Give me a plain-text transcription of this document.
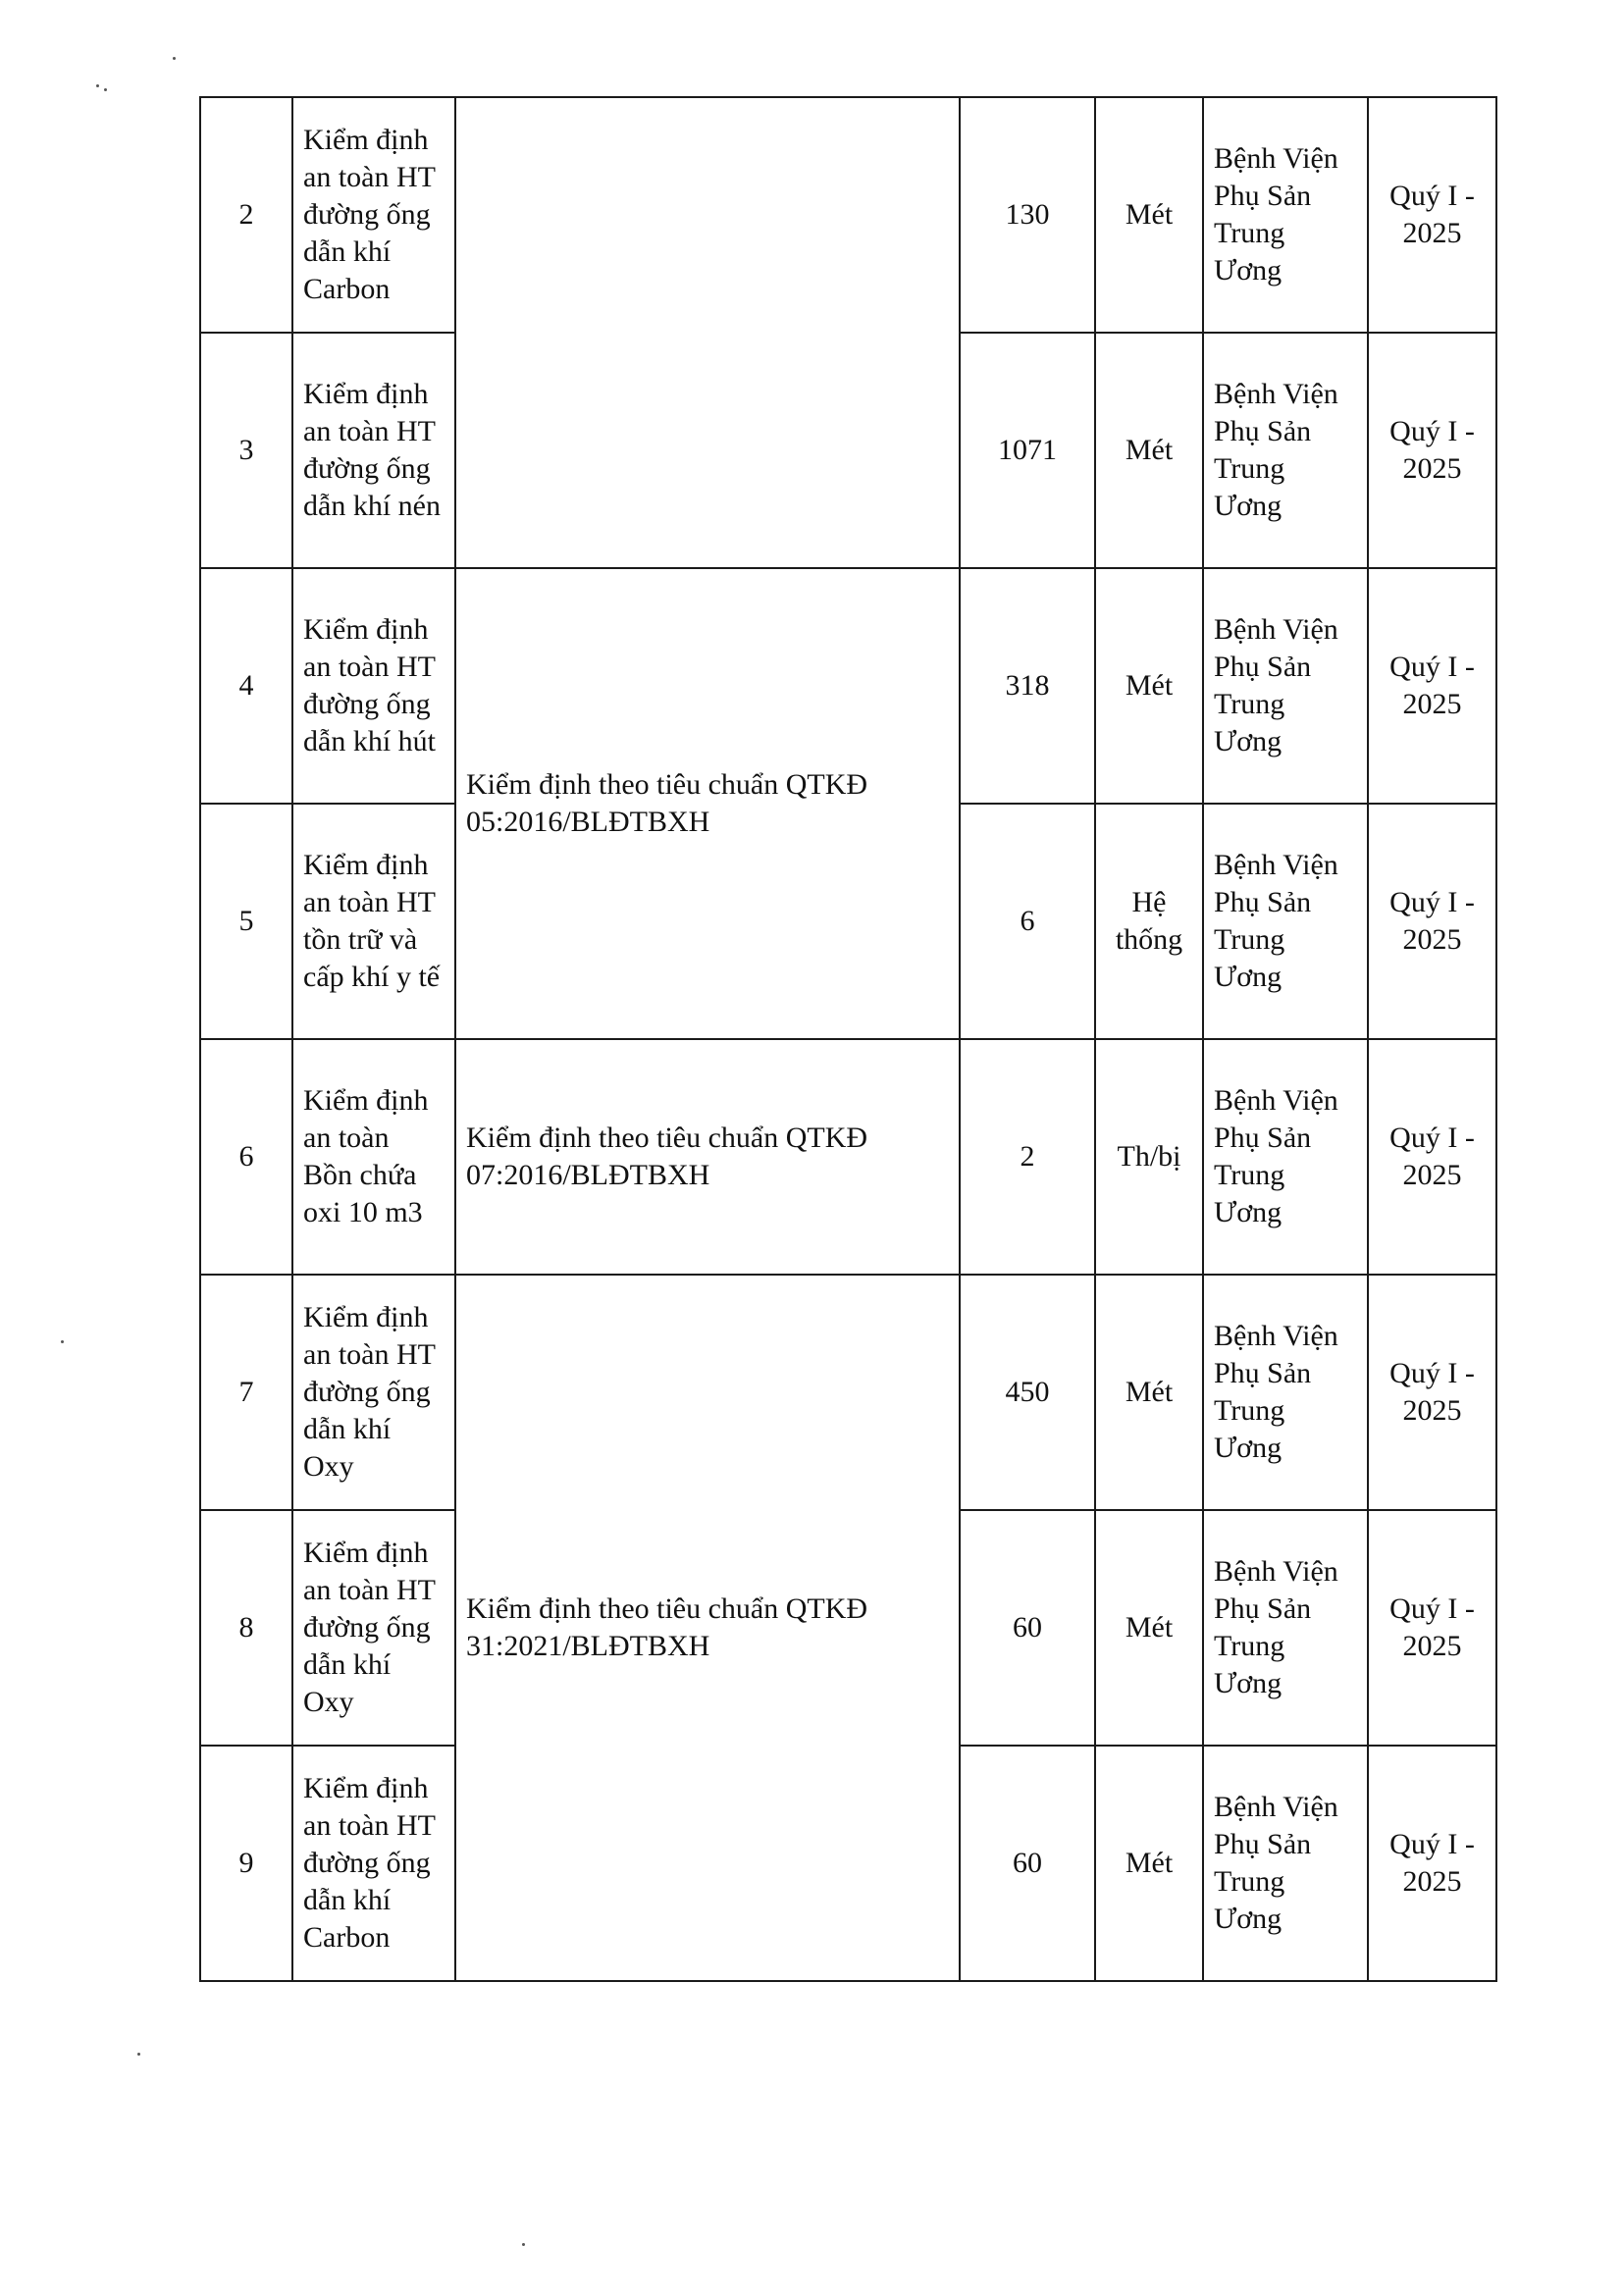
2	Kiểm định an toàn HT đường ống dẫn khí Carbon		130	Mét	Bệnh Viện Phụ Sản Trung Ương	Quý I - 2025
3	Kiểm định an toàn HT đường ống dẫn khí nén		1071	Mét	Bệnh Viện Phụ Sản Trung Ương	Quý I - 2025
4	Kiểm định an toàn HT đường ống dẫn khí hút	Kiểm định theo tiêu chuẩn QTKĐ 05:2016/BLĐTBXH	318	Mét	Bệnh Viện Phụ Sản Trung Ương	Quý I - 2025
5	Kiểm định an toàn HT tồn trữ và cấp khí y tế		6	Hệ thống	Bệnh Viện Phụ Sản Trung Ương	Quý I - 2025
6	Kiểm định an toàn Bồn chứa oxi 10 m3	Kiểm định theo tiêu chuẩn QTKĐ 07:2016/BLĐTBXH	2	Th/bị	Bệnh Viện Phụ Sản Trung Ương	Quý I - 2025
7	Kiểm định an toàn HT đường ống dẫn khí Oxy	Kiểm định theo tiêu chuẩn QTKĐ 31:2021/BLĐTBXH	450	Mét	Bệnh Viện Phụ Sản Trung Ương	Quý I - 2025
8	Kiểm định an toàn HT đường ống dẫn khí Oxy		60	Mét	Bệnh Viện Phụ Sản Trung Ương	Quý I - 2025
9	Kiểm định an toàn HT đường ống dẫn khí Carbon		60	Mét	Bệnh Viện Phụ Sản Trung Ương	Quý I - 2025
